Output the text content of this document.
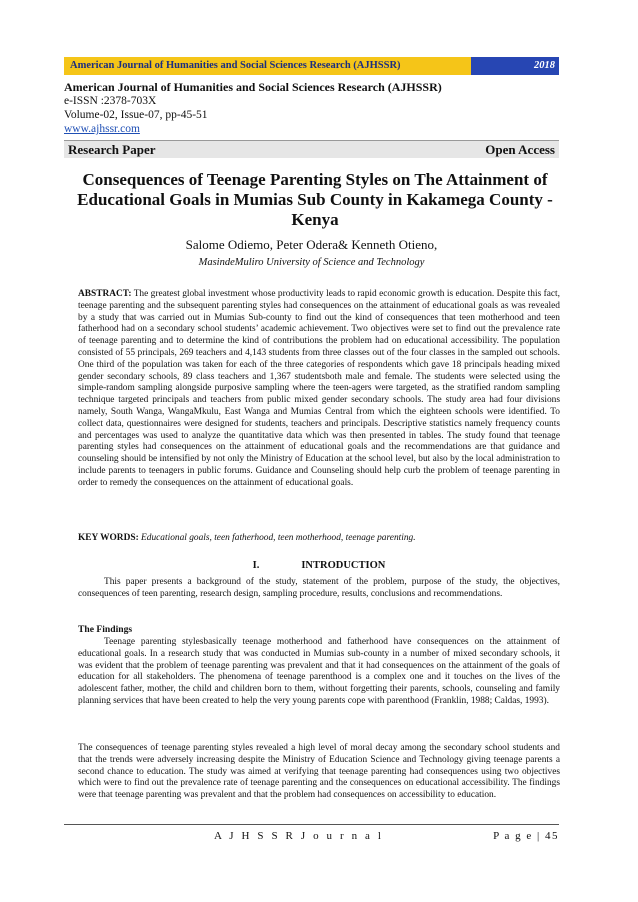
American Journal of Humanities and Social Sciences Research (AJHSSR)	2018
American Journal of Humanities and Social Sciences Research (AJHSSR)
e-ISSN :2378-703X
Volume-02, Issue-07, pp-45-51
www.ajhssr.com
Research Paper	Open Access
Consequences of Teenage Parenting Styles on The Attainment of Educational Goals in Mumias Sub County in Kakamega County - Kenya
Salome Odiemo, Peter Odera& Kenneth Otieno,
MasindeMuliro University of Science and Technology
ABSTRACT: The greatest global investment whose productivity leads to rapid economic growth is education. Despite this fact, teenage parenting and the subsequent parenting styles had consequences on the attainment of educational goals as was revealed by a study that was carried out in Mumias Sub-county to find out the kind of consequences that teen motherhood and teen fatherhood had on a secondary school students’ academic achievement. Two objectives were set to find out the prevalence rate of teenage parenting and to determine the kind of contributions the problem had on educational accessibility. The population consisted of 55 principals, 269 teachers and 4,143 students from three classes out of the four classes in the sampled out schools. One third of the population was taken for each of the three categories of respondents which gave 18 principals heading mixed gender secondary schools, 89 class teachers and 1,367 studentsboth male and female. The students were selected using the simple-random sampling alongside purposive sampling where the teen-agers were targeted, as the stratified random sampling technique targeted principals and teachers from public mixed gender secondary schools. The study area had four divisions namely, South Wanga, WangaMkulu, East Wanga and Mumias Central from which the eighteen schools were identified. To collect data, questionnaires were designed for students, teachers and principals. Descriptive statistics namely frequency counts and percentages was used to analyze the quantitative data which was then presented in tables. The study found that teenage parenting styles had consequences on the attainment of educational goals and the recommendations are that guidance and counseling should be intensified by not only the Ministry of Education at the school level, but also by the local administration to include parents to teenagers in public forums. Guidance and Counseling should help curb the problem of teenage parenting in order to remedy the consequences on the attainment of educational goals.
KEY WORDS: Educational goals, teen fatherhood, teen motherhood, teenage parenting.
I.	INTRODUCTION
This paper presents a background of the study, statement of the problem, purpose of the study, the objectives, consequences of teen parenting, research design, sampling procedure, results, conclusions and recommendations.
The Findings
Teenage parenting stylesbasically teenage motherhood and fatherhood have consequences on the attainment of educational goals. In a research study that was conducted in Mumias sub-county in a number of mixed secondary schools, it was evident that the problem of teenage parenting was prevalent and that it had consequences on the attainment of the goals of education for all stakeholders. The phenomena of teenage parenthood is a complex one and it touches on the lives of the adolescent father, mother, the child and children born to them, without forgetting their parents, schools, counseling and family planning services that have been created to help the very young parents cope with parenthood (Franklin, 1988; Caldas, 1993).
The consequences of teenage parenting styles revealed a high level of moral decay among the secondary school students and that the trends were adversely increasing despite the Ministry of Education Science and Technology giving teenage parents a second chance to education. The study was aimed at verifying that teenage parenting had consequences using two objectives which were to find out the prevalence rate of teenage parenting and the consequences on educational accessibility. The findings were that teenage parenting was prevalent and that the problem had consequences on accessibility to education.
A J H S S R J o u r n a l	P a g e | 45
